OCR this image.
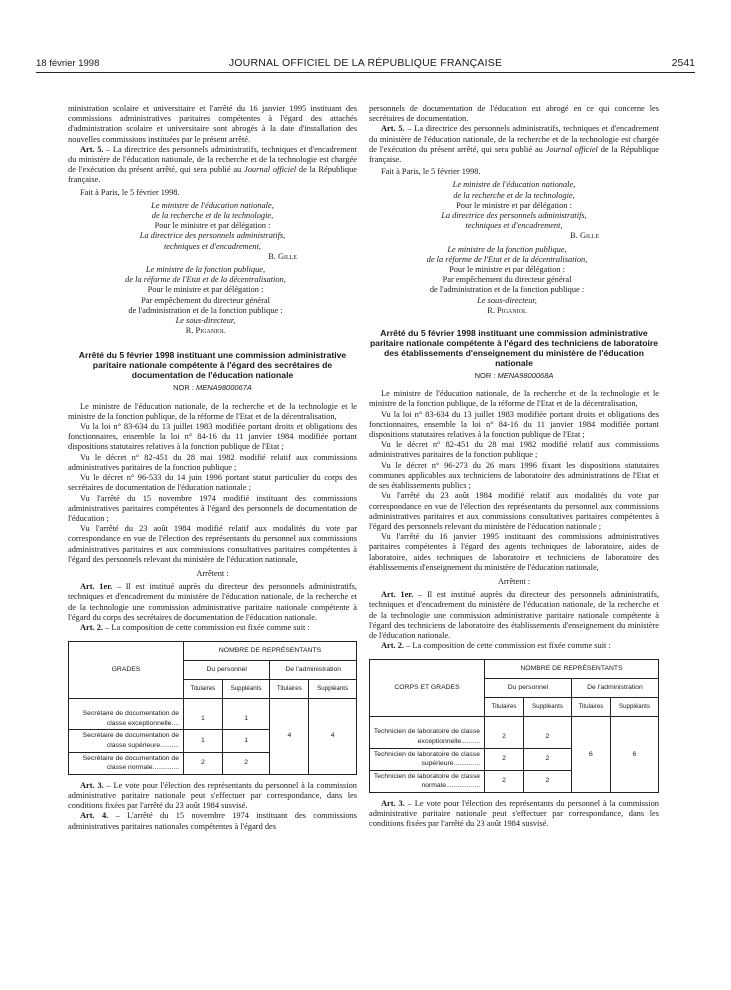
18 février 1998	JOURNAL OFFICIEL DE LA RÉPUBLIQUE FRANÇAISE	2541

ministration scolaire et universitaire et l'arrêté du 16 janvier 1995 instituant des commissions administratives paritaires compétentes à l'égard des attachés d'administration scolaire et universitaire sont abrogés à la date d'installation des nouvelles commissions instituées par le présent arrêté.

Art. 5. – La directrice des personnels administratifs, techniques et d'encadrement du ministère de l'éducation nationale, de la recherche et de la technologie est chargée de l'exécution du présent arrêté, qui sera publié au Journal officiel de la République française.

Fait à Paris, le 5 février 1998.

Le ministre de l'éducation nationale,

de la recherche et de la technologie,

Pour le ministre et par délégation :

La directrice des personnels administratifs,

techniques et d'encadrement,

B. Gille

Le ministre de la fonction publique,

de la réforme de l'Etat et de la décentralisation,

Pour le ministre et par délégation :

Par empêchement du directeur général

de l'administration et de la fonction publique :

Le sous-directeur,

R. Piganiol

Arrêté du 5 février 1998 instituant une commission administrative paritaire nationale compétente à l'égard des secrétaires de documentation de l'éducation nationale

NOR : MENA9800067A

Le ministre de l'éducation nationale, de la recherche et de la technologie et le ministre de la fonction publique, de la réforme de l'Etat et de la décentralisation,

Vu la loi n° 83-634 du 13 juillet 1983 modifiée portant droits et obligations des fonctionnaires, ensemble la loi n° 84-16 du 11 janvier 1984 modifiée portant dispositions statutaires relatives à la fonction publique de l'Etat ;

Vu le décret n° 82-451 du 28 mai 1982 modifié relatif aux commissions administratives paritaires de la fonction publique ;

Vu le décret n° 96-533 du 14 juin 1996 portant statut particulier du corps des secrétaires de documentation de l'éducation nationale ;

Vu l'arrêté du 15 novembre 1974 modifié instituant des commissions administratives paritaires compétentes à l'égard des personnels de documentation de l'éducation ;

Vu l'arrêté du 23 août 1984 modifié relatif aux modalités du vote par correspondance en vue de l'élection des représentants du personnel aux commissions administratives paritaires et aux commissions consultatives paritaires compétentes à l'égard des personnels relevant du ministère de l'éducation nationale,

Arrêtent :

Art. 1er. – Il est institué auprès du directeur des personnels administratifs, techniques et d'encadrement du ministère de l'éducation nationale, de la recherche et de la technologie une commission administrative paritaire nationale compétente à l'égard du corps des secrétaires de documentation de l'éducation nationale.

Art. 2. – La composition de cette commission est fixée comme suit :

GRADES	NOMBRE DE REPRÉSENTANTS			
	Du personnel		De l'administration	
	Titulaires	Suppléants	Titulaires	Suppléants
Secrétaire de documentation de classe exceptionnelle....	1	1	4	4
Secrétaire de documentation de classe supérieure..........	1	1		
Secrétaire de documentation de classe normale..............	2	2		

Art. 3. – Le vote pour l'élection des représentants du personnel à la commission administrative paritaire nationale peut s'effectuer par correspondance, dans les conditions fixées par l'arrêté du 23 août 1984 susvisé.

Art. 4. – L'arrêté du 15 novembre 1974 instituant des commissions administratives paritaires nationales compétentes à l'égard des

personnels de documentation de l'éducation est abrogé en ce qui concerne les secrétaires de documentation.

Art. 5. – La directrice des personnels administratifs, techniques et d'encadrement du ministère de l'éducation nationale, de la recherche et de la technologie est chargée de l'exécution du présent arrêté, qui sera publié au Journal officiel de la République française.

Fait à Paris, le 5 février 1998.

Le ministre de l'éducation nationale,

de la recherche et de la technologie,

Pour le ministre et par délégation :

La directrice des personnels administratifs,

techniques et d'encadrement,

B. Gille

Le ministre de la fonction publique,

de la réforme de l'Etat et de la décentralisation,

Pour le ministre et par délégation :

Par empêchement du directeur général

de l'administration et de la fonction publique :

Le sous-directeur,

R. Piganiol

Arrêté du 5 février 1998 instituant une commission administrative paritaire nationale compétente à l'égard des techniciens de laboratoire des établissements d'enseignement du ministère de l'éducation nationale

NOR : MENA9800068A

Le ministre de l'éducation nationale, de la recherche et de la technologie et le ministre de la fonction publique, de la réforme de l'Etat et de la décentralisation,

Vu la loi n° 83-634 du 13 juillet 1983 modifiée portant droits et obligations des fonctionnaires, ensemble la loi n° 84-16 du 11 janvier 1984 modifiée portant dispositions statutaires relatives à la fonction publique de l'Etat ;

Vu le décret n° 82-451 du 28 mai 1982 modifié relatif aux commissions administratives paritaires de la fonction publique ;

Vu le décret n° 96-273 du 26 mars 1996 fixant les dispositions statutaires communes applicables aux techniciens de laboratoire des administrations de l'Etat et de ses établissements publics ;

Vu l'arrêté du 23 août 1984 modifié relatif aux modalités du vote par correspondance en vue de l'élection des représentants du personnel aux commissions administratives paritaires et aux commissions consultatives paritaires compétentes à l'égard des personnels relevant du ministère de l'éducation nationale ;

Vu l'arrêté du 16 janvier 1995 instituant des commissions administratives paritaires compétentes à l'égard des agents techniques de laboratoire, aides de laboratoire, aides techniques de laboratoire et techniciens de laboratoire des établissements d'enseignement du ministère de l'éducation nationale,

Arrêtent :

Art. 1er. – Il est institué auprès du directeur des personnels administratifs, techniques et d'encadrement du ministère de l'éducation nationale, de la recherche et de la technologie une commission administrative paritaire nationale compétente à l'égard des techniciens de laboratoire des établissements d'enseignement du ministère de l'éducation nationale.

Art. 2. – La composition de cette commission est fixée comme suit :

CORPS ET GRADES	NOMBRE DE REPRÉSENTANTS			
	Du personnel		De l'administration	
	Titulaires	Suppléants	Titulaires	Suppléants
Technicien de laboratoire de classe exceptionnelle..........	2	2	6	6
Technicien de laboratoire de classe supérieure..............	2	2		
Technicien de laboratoire de classe normale..................	2	2		

Art. 3. – Le vote pour l'élection des représentants du personnel à la commission administrative paritaire nationale peut s'effectuer par correspondance, dans les conditions fixées par l'arrêté du 23 août 1984 susvisé.
